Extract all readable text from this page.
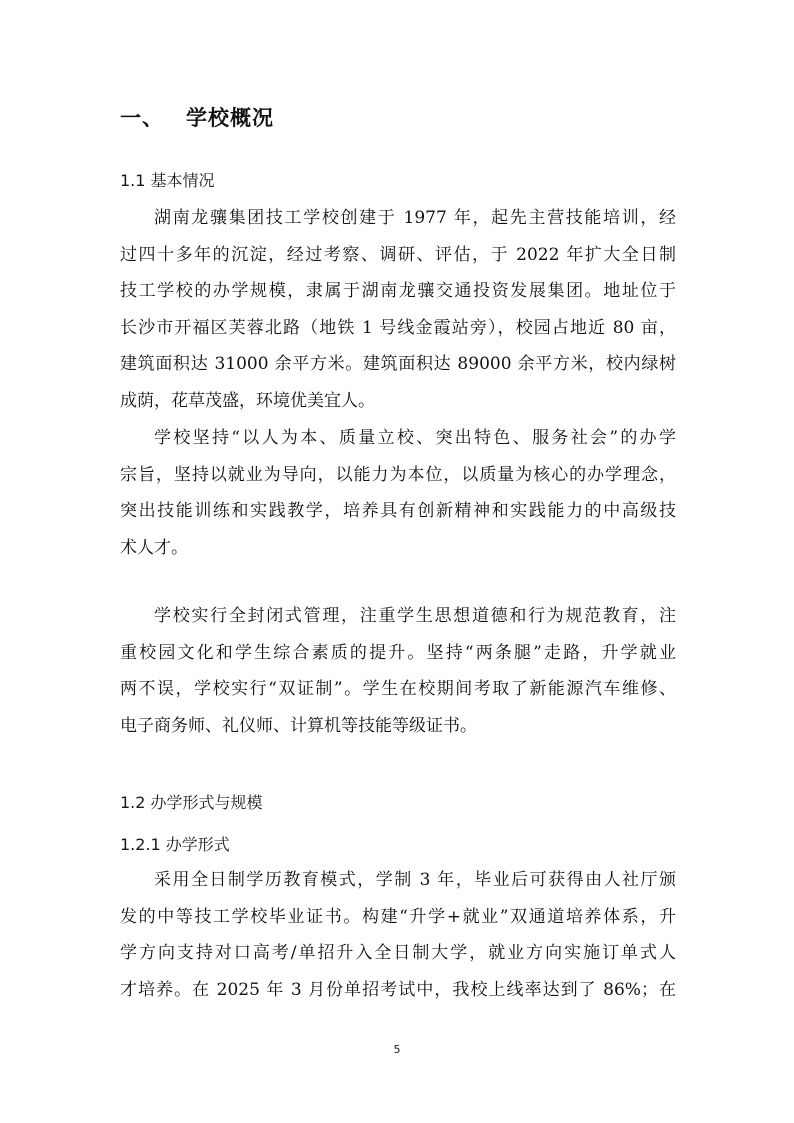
一、 学校概况
1.1 基本情况
湖南龙骧集团技工学校创建于 1977 年，起先主营技能培训，经
过四十多年的沉淀，经过考察、调研、评估，于 2022 年扩大全日制
技工学校的办学规模，隶属于湖南龙骧交通投资发展集团。地址位于
长沙市开福区芙蓉北路（地铁 1 号线金霞站旁），校园占地近 80 亩，
建筑面积达 31000 余平方米。建筑面积达 89000 余平方米，校内绿树
成荫，花草茂盛，环境优美宜人。
学校坚持“以人为本、质量立校、突出特色、服务社会”的办学
宗旨，坚持以就业为导向，以能力为本位，以质量为核心的办学理念，
突出技能训练和实践教学，培养具有创新精神和实践能力的中高级技
术人才。
学校实行全封闭式管理，注重学生思想道德和行为规范教育，注
重校园文化和学生综合素质的提升。坚持“两条腿”走路，升学就业
两不误，学校实行“双证制”。学生在校期间考取了新能源汽车维修、
电子商务师、礼仪师、计算机等技能等级证书。
1.2 办学形式与规模
1.2.1 办学形式
采用全日制学历教育模式，学制 3 年，毕业后可获得由人社厅颁
发的中等技工学校毕业证书。构建“升学+就业”双通道培养体系，升
学方向支持对口高考/单招升入全日制大学，就业方向实施订单式人
才培养。在 2025 年 3 月份单招考试中，我校上线率达到了 86%；在
5
